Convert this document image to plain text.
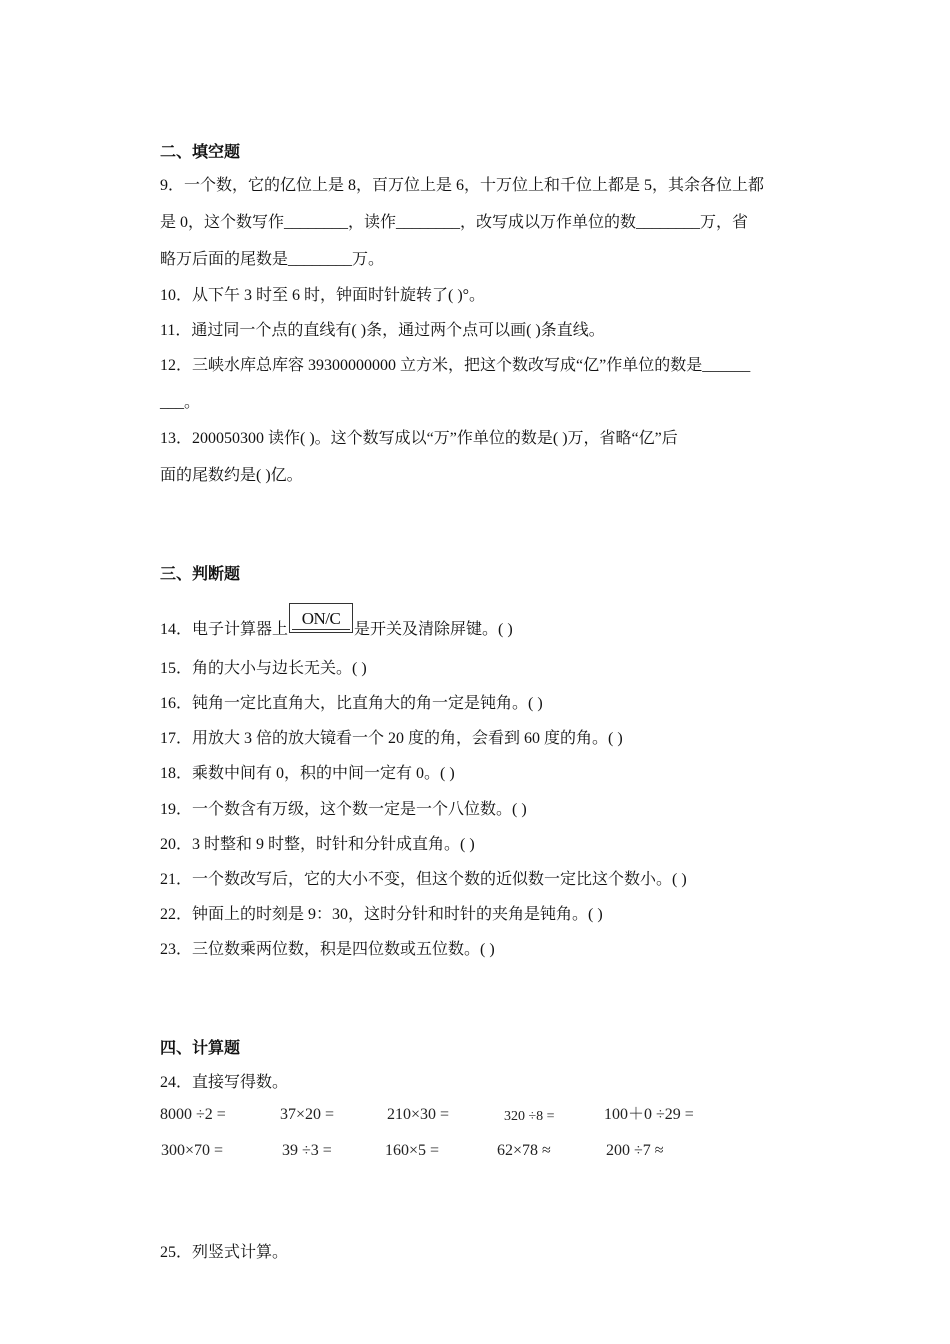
二、填空题
9．一个数，它的亿位上是 8，百万位上是 6，十万位上和千位上都是 5，其余各位上都
是 0，这个数写作________，读作________，改写成以万作单位的数________万，省
略万后面的尾数是________万。
10．从下午 3 时至 6 时，钟面时针旋转了( )°。
11．通过同一个点的直线有( )条，通过两个点可以画( )条直线。
12．三峡水库总库容 39300000000 立方米，把这个数改写成“亿”作单位的数是______
___。
13．200050300 读作( )。这个数写成以“万”作单位的数是( )万，省略“亿”后
面的尾数约是( )亿。
三、判断题
14．电子计算器上ON/C是开关及清除屏键。( )
15．角的大小与边长无关。( )
16．钝角一定比直角大，比直角大的角一定是钝角。( )
17．用放大 3 倍的放大镜看一个 20 度的角，会看到 60 度的角。( )
18．乘数中间有 0，积的中间一定有 0。( )
19．一个数含有万级，这个数一定是一个八位数。( )
20．3 时整和 9 时整，时针和分针成直角。( )
21．一个数改写后，它的大小不变，但这个数的近似数一定比这个数小。( )
22．钟面上的时刻是 9：30，这时分针和时针的夹角是钝角。( )
23．三位数乘两位数，积是四位数或五位数。( )
四、计算题
24．直接写得数。
8000 ÷2 =	37×20 =	210×30 =	320 ÷8 =	100＋0 ÷29 =
300×70 =	39 ÷3 =	160×5 =	62×78 ≈	200 ÷7 ≈
25．列竖式计算。
